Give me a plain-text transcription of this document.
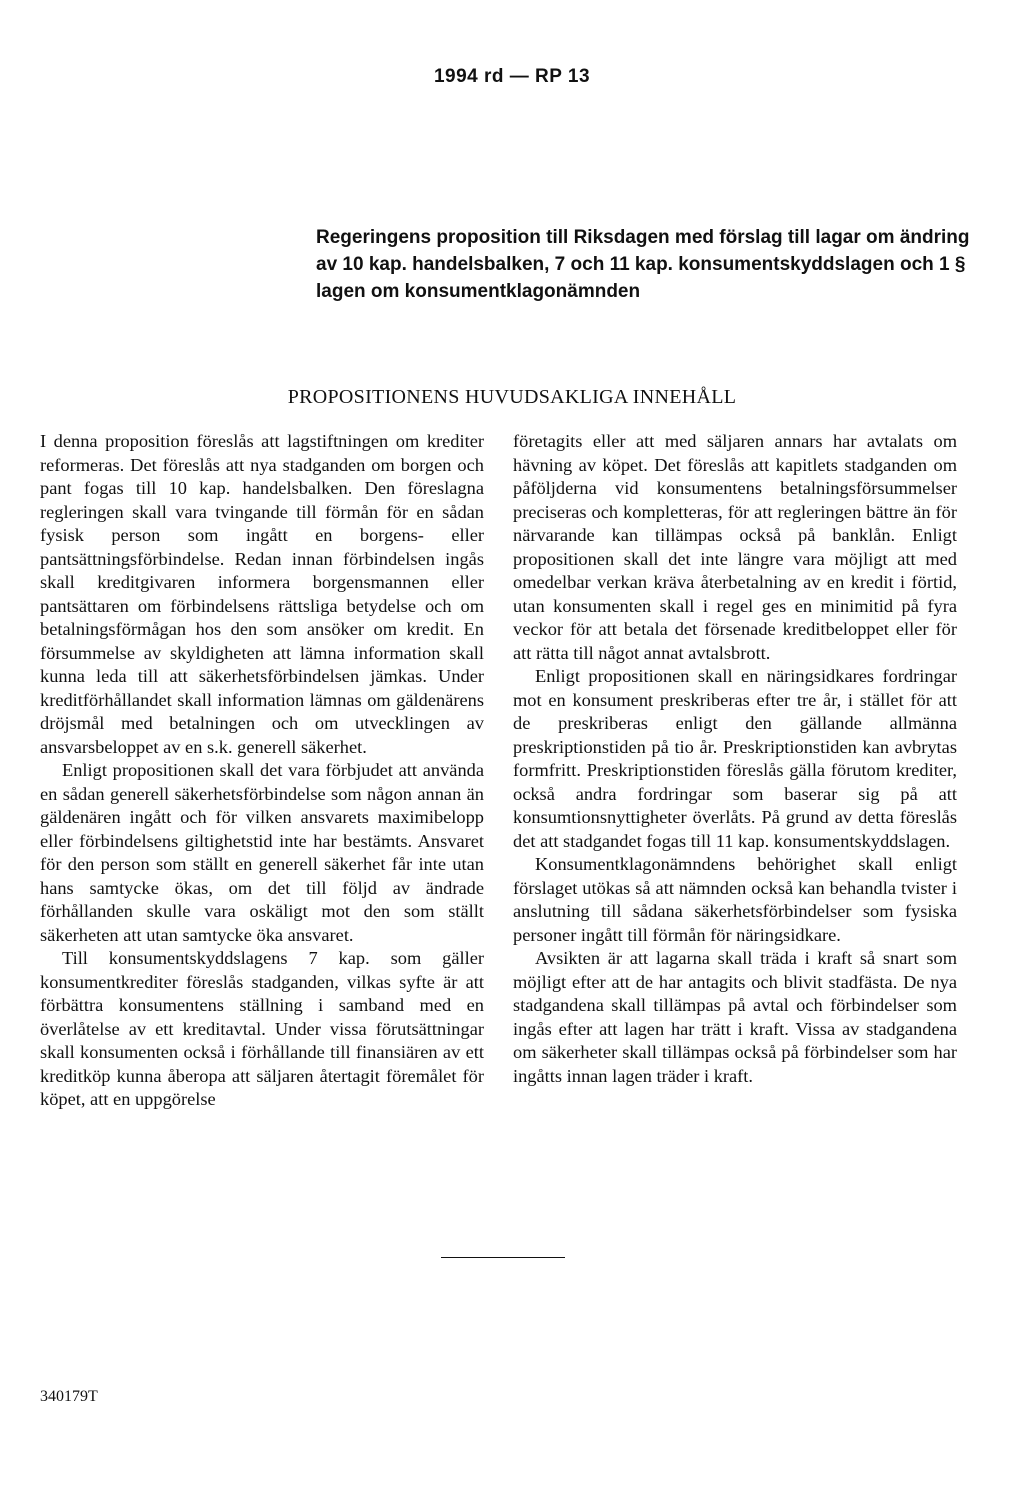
1994 rd — RP 13
Regeringens proposition till Riksdagen med förslag till lagar om ändring av 10 kap. handelsbalken, 7 och 11 kap. konsumentskyddslagen och 1 § lagen om konsumentklagonämnden
PROPOSITIONENS HUVUDSAKLIGA INNEHÅLL

I denna proposition föreslås att lagstiftningen om krediter reformeras. Det föreslås att nya stadganden om borgen och pant fogas till 10 kap. handelsbalken. Den föreslagna regleringen skall vara tvingande till förmån för en sådan fysisk person som ingått en borgens- eller pantsättningsförbindelse. Redan innan förbindelsen ingås skall kreditgivaren informera borgensmannen eller pantsättaren om förbindelsens rättsliga betydelse och om betalningsförmågan hos den som ansöker om kredit. En försummelse av skyldigheten att lämna information skall kunna leda till att säkerhetsförbindelsen jämkas. Under kreditförhållandet skall information lämnas om gäldenärens dröjsmål med betalningen och om utvecklingen av ansvarsbeloppet av en s.k. generell säkerhet.

Enligt propositionen skall det vara förbjudet att använda en sådan generell säkerhetsförbindelse som någon annan än gäldenären ingått och för vilken ansvarets maximibelopp eller förbindelsens giltighetstid inte har bestämts. Ansvaret för den person som ställt en generell säkerhet får inte utan hans samtycke ökas, om det till följd av ändrade förhållanden skulle vara oskäligt mot den som ställt säkerheten att utan samtycke öka ansvaret.

Till konsumentskyddslagens 7 kap. som gäller konsumentkrediter föreslås stadganden, vilkas syfte är att förbättra konsumentens ställning i samband med en överlåtelse av ett kreditavtal. Under vissa förutsättningar skall konsumenten också i förhållande till finansiären av ett kreditköp kunna åberopa att säljaren återtagit föremålet för köpet, att en uppgörelse

företagits eller att med säljaren annars har avtalats om hävning av köpet. Det föreslås att kapitlets stadganden om påföljderna vid konsumentens betalningsförsummelser preciseras och kompletteras, för att regleringen bättre än för närvarande kan tillämpas också på banklån. Enligt propositionen skall det inte längre vara möjligt att med omedelbar verkan kräva återbetalning av en kredit i förtid, utan konsumenten skall i regel ges en minimitid på fyra veckor för att betala det försenade kreditbeloppet eller för att rätta till något annat avtalsbrott.

Enligt propositionen skall en näringsidkares fordringar mot en konsument preskriberas efter tre år, i stället för att de preskriberas enligt den gällande allmänna preskriptionstiden på tio år. Preskriptionstiden kan avbrytas formfritt. Preskriptionstiden föreslås gälla förutom krediter, också andra fordringar som baserar sig på att konsumtionsnyttigheter överlåts. På grund av detta föreslås det att stadgandet fogas till 11 kap. konsumentskyddslagen.

Konsumentklagonämndens behörighet skall enligt förslaget utökas så att nämnden också kan behandla tvister i anslutning till sådana säkerhetsförbindelser som fysiska personer ingått till förmån för näringsidkare.

Avsikten är att lagarna skall träda i kraft så snart som möjligt efter att de har antagits och blivit stadfästa. De nya stadgandena skall tillämpas på avtal och förbindelser som ingås efter att lagen har trätt i kraft. Vissa av stadgandena om säkerheter skall tillämpas också på förbindelser som har ingåtts innan lagen träder i kraft.

340179T
